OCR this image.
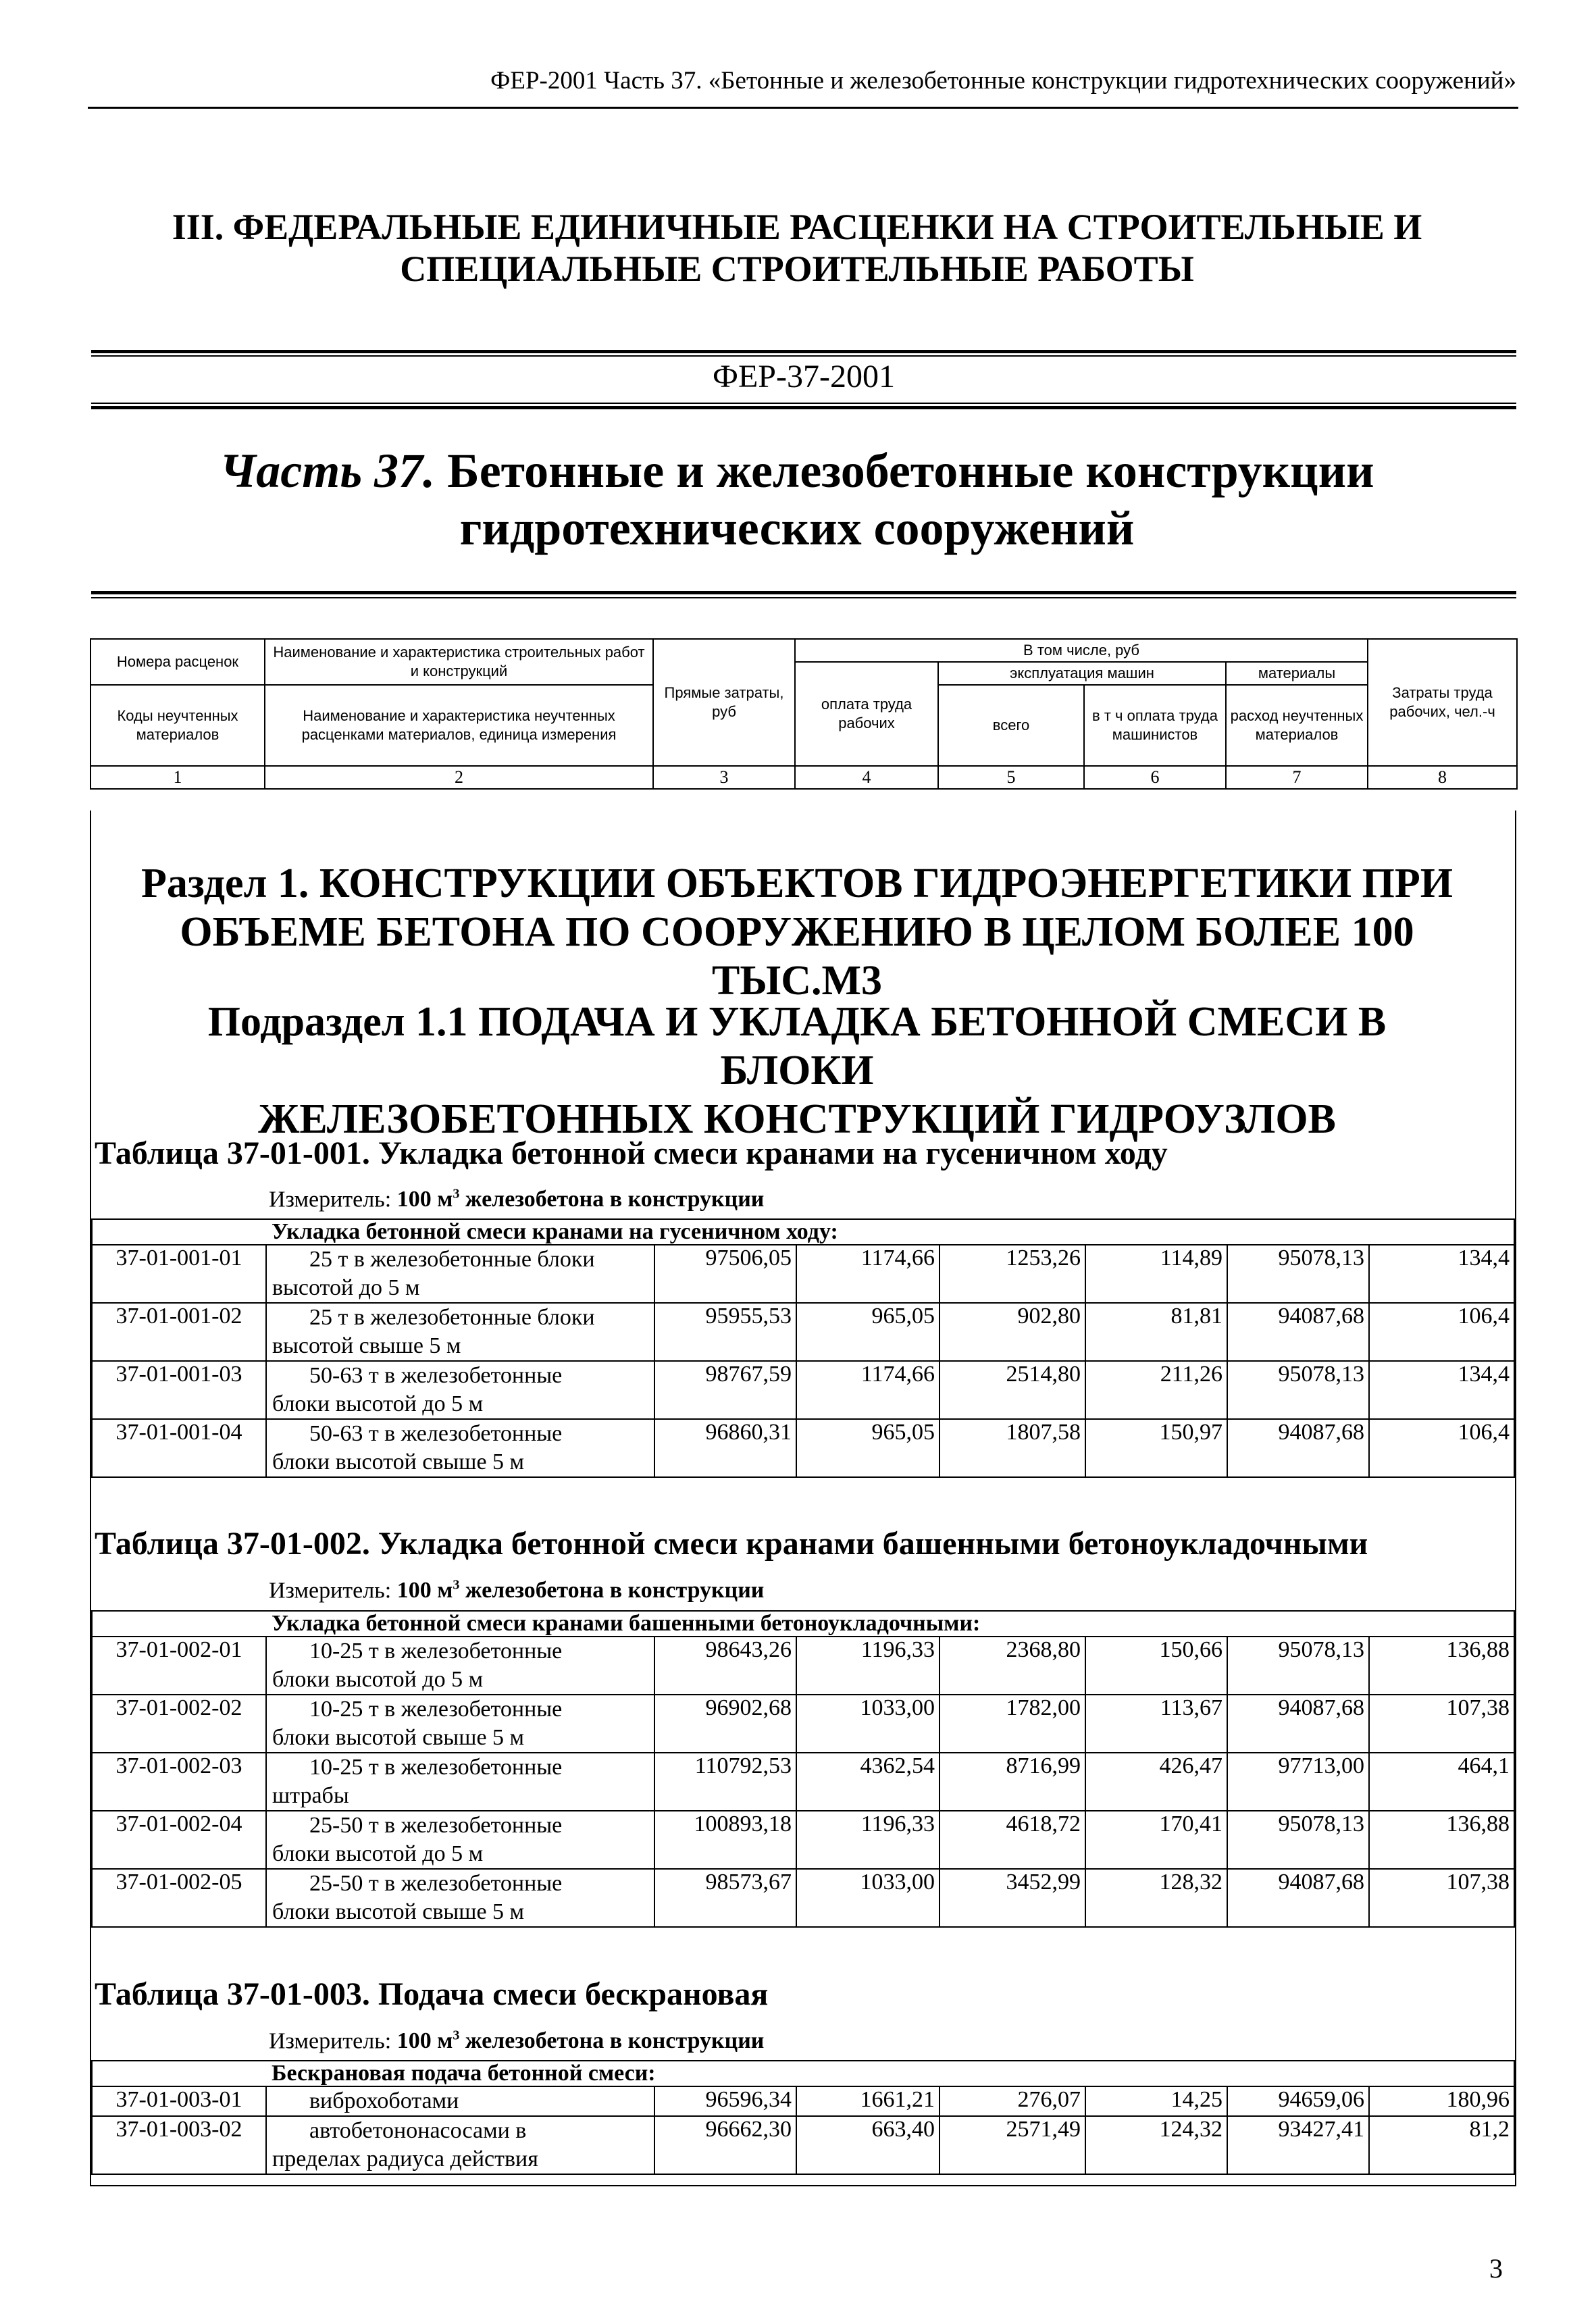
ФЕР-2001 Часть 37. «Бетонные и железобетонные конструкции гидротехнических сооружений»
III. ФЕДЕРАЛЬНЫЕ ЕДИНИЧНЫЕ РАСЦЕНКИ НА СТРОИТЕЛЬНЫЕ И
СПЕЦИАЛЬНЫЕ СТРОИТЕЛЬНЫЕ РАБОТЫ
ФЕР-37-2001
Часть 37. Бетонные и железобетонные конструкции
гидротехнических сооружений
Номера расценок	Наименование и характеристика строительных работ и конструкций	Прямые затраты, руб	В том числе, руб				Затраты труда рабочих, чел.-ч
			оплата труда рабочих	эксплуатация машин		материалы	
Коды неучтенных материалов	Наименование и характеристика неучтенных расценками материалов, единица измерения			всего	в т ч оплата труда машинистов	расход неучтенных материалов	

1	2	3	4	5	6	7	8
Раздел 1. КОНСТРУКЦИИ ОБЪЕКТОВ ГИДРОЭНЕРГЕТИКИ ПРИ
ОБЪЕМЕ БЕТОНА ПО СООРУЖЕНИЮ В ЦЕЛОМ БОЛЕЕ 100 ТЫС.М3
Подраздел 1.1 ПОДАЧА И УКЛАДКА БЕТОННОЙ СМЕСИ В БЛОКИ
ЖЕЛЕЗОБЕТОННЫХ КОНСТРУКЦИЙ ГИДРОУЗЛОВ
Таблица 37-01-001. Укладка бетонной смеси кранами на гусеничном ходу
Измеритель: 100 $м^3$ железобетона в конструкции
Укладка бетонной смеси кранами на гусеничном ходу:							
37-01-001-01	25 т в железобетонные блоки
высотой до 5 м	97506,05	1174,66	1253,26	114,89	95078,13	134,4
37-01-001-02	25 т в железобетонные блоки
высотой свыше 5 м	95955,53	965,05	902,80	81,81	94087,68	106,4
37-01-001-03	50-63 т в железобетонные
блоки высотой до 5 м	98767,59	1174,66	2514,80	211,26	95078,13	134,4
37-01-001-04	50-63 т в железобетонные
блоки высотой свыше 5 м	96860,31	965,05	1807,58	150,97	94087,68	106,4
Таблица 37-01-002. Укладка бетонной смеси кранами башенными бетоноукладочными
Измеритель: 100 $м^3$ железобетона в конструкции
Укладка бетонной смеси кранами башенными бетоноукладочными:							
37-01-002-01	10-25 т в железобетонные
блоки высотой до 5 м	98643,26	1196,33	2368,80	150,66	95078,13	136,88
37-01-002-02	10-25 т в железобетонные
блоки высотой свыше 5 м	96902,68	1033,00	1782,00	113,67	94087,68	107,38
37-01-002-03	10-25 т в железобетонные
штрабы	110792,53	4362,54	8716,99	426,47	97713,00	464,1
37-01-002-04	25-50 т в железобетонные
блоки высотой до 5 м	100893,18	1196,33	4618,72	170,41	95078,13	136,88
37-01-002-05	25-50 т в железобетонные
блоки высотой свыше 5 м	98573,67	1033,00	3452,99	128,32	94087,68	107,38
Таблица 37-01-003. Подача смеси бескрановая
Измеритель: 100 $м^3$ железобетона в конструкции
Бескрановая подача бетонной смеси:							
37-01-003-01	виброхоботами	96596,34	1661,21	276,07	14,25	94659,06	180,96
37-01-003-02	автобетононасосами в
пределах радиуса действия	96662,30	663,40	2571,49	124,32	93427,41	81,2
3
